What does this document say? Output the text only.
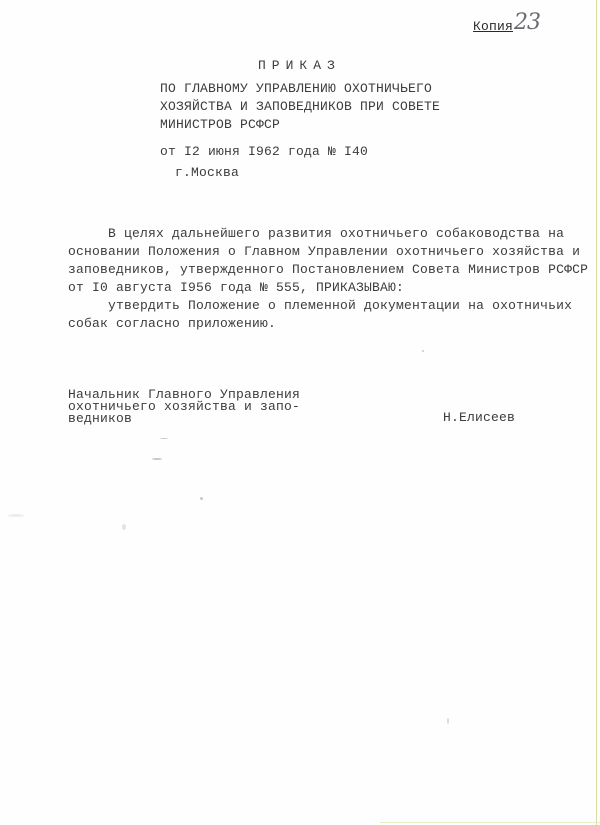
Копия 23
ПРИКАЗ
ПО ГЛАВНОМУ УПРАВЛЕНИЮ ОХОТНИЧЬЕГО
ХОЗЯЙСТВА И ЗАПОВЕДНИКОВ ПРИ СОВЕТЕ
МИНИСТРОВ РСФСР
от I2 июня I962 года № I40
г.Москва
В целях дальнейшего развития охотничьего собаководства на
основании Положения о Главном Управлении охотничьего хозяйства и
заповедников, утвержденного Постановлением Совета Министров РСФСР
от I0 августа I956 года № 555, ПРИКАЗЫВАЮ:
утвердить Положение о племенной документации на охотничьих
собак согласно приложению.
Начальник Главного Управления
охотничьего хозяйства и запо-
ведников	Н.Елисеев
